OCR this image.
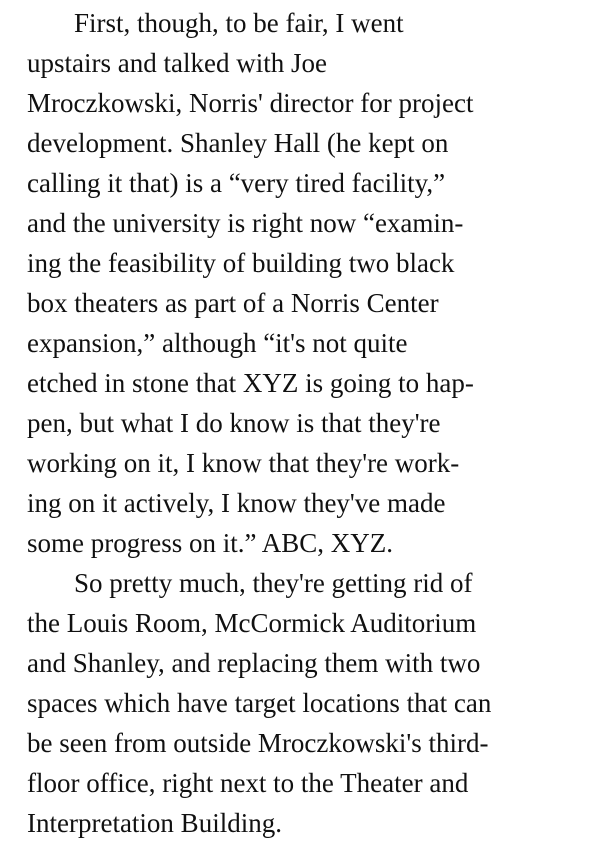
First, though, to be fair, I went
upstairs and talked with Joe
Mroczkowski, Norris' director for project
development. Shanley Hall (he kept on
calling it that) is a “very tired facility,”
and the university is right now “examin-
ing the feasibility of building two black
box theaters as part of a Norris Center
expansion,” although “it's not quite
etched in stone that XYZ is going to hap-
pen, but what I do know is that they're
working on it, I know that they're work-
ing on it actively, I know they've made
some progress on it.” ABC, XYZ.
So pretty much, they're getting rid of
the Louis Room, McCormick Auditorium
and Shanley, and replacing them with two
spaces which have target locations that can
be seen from outside Mroczkowski's third-
floor office, right next to the Theater and
Interpretation Building.
